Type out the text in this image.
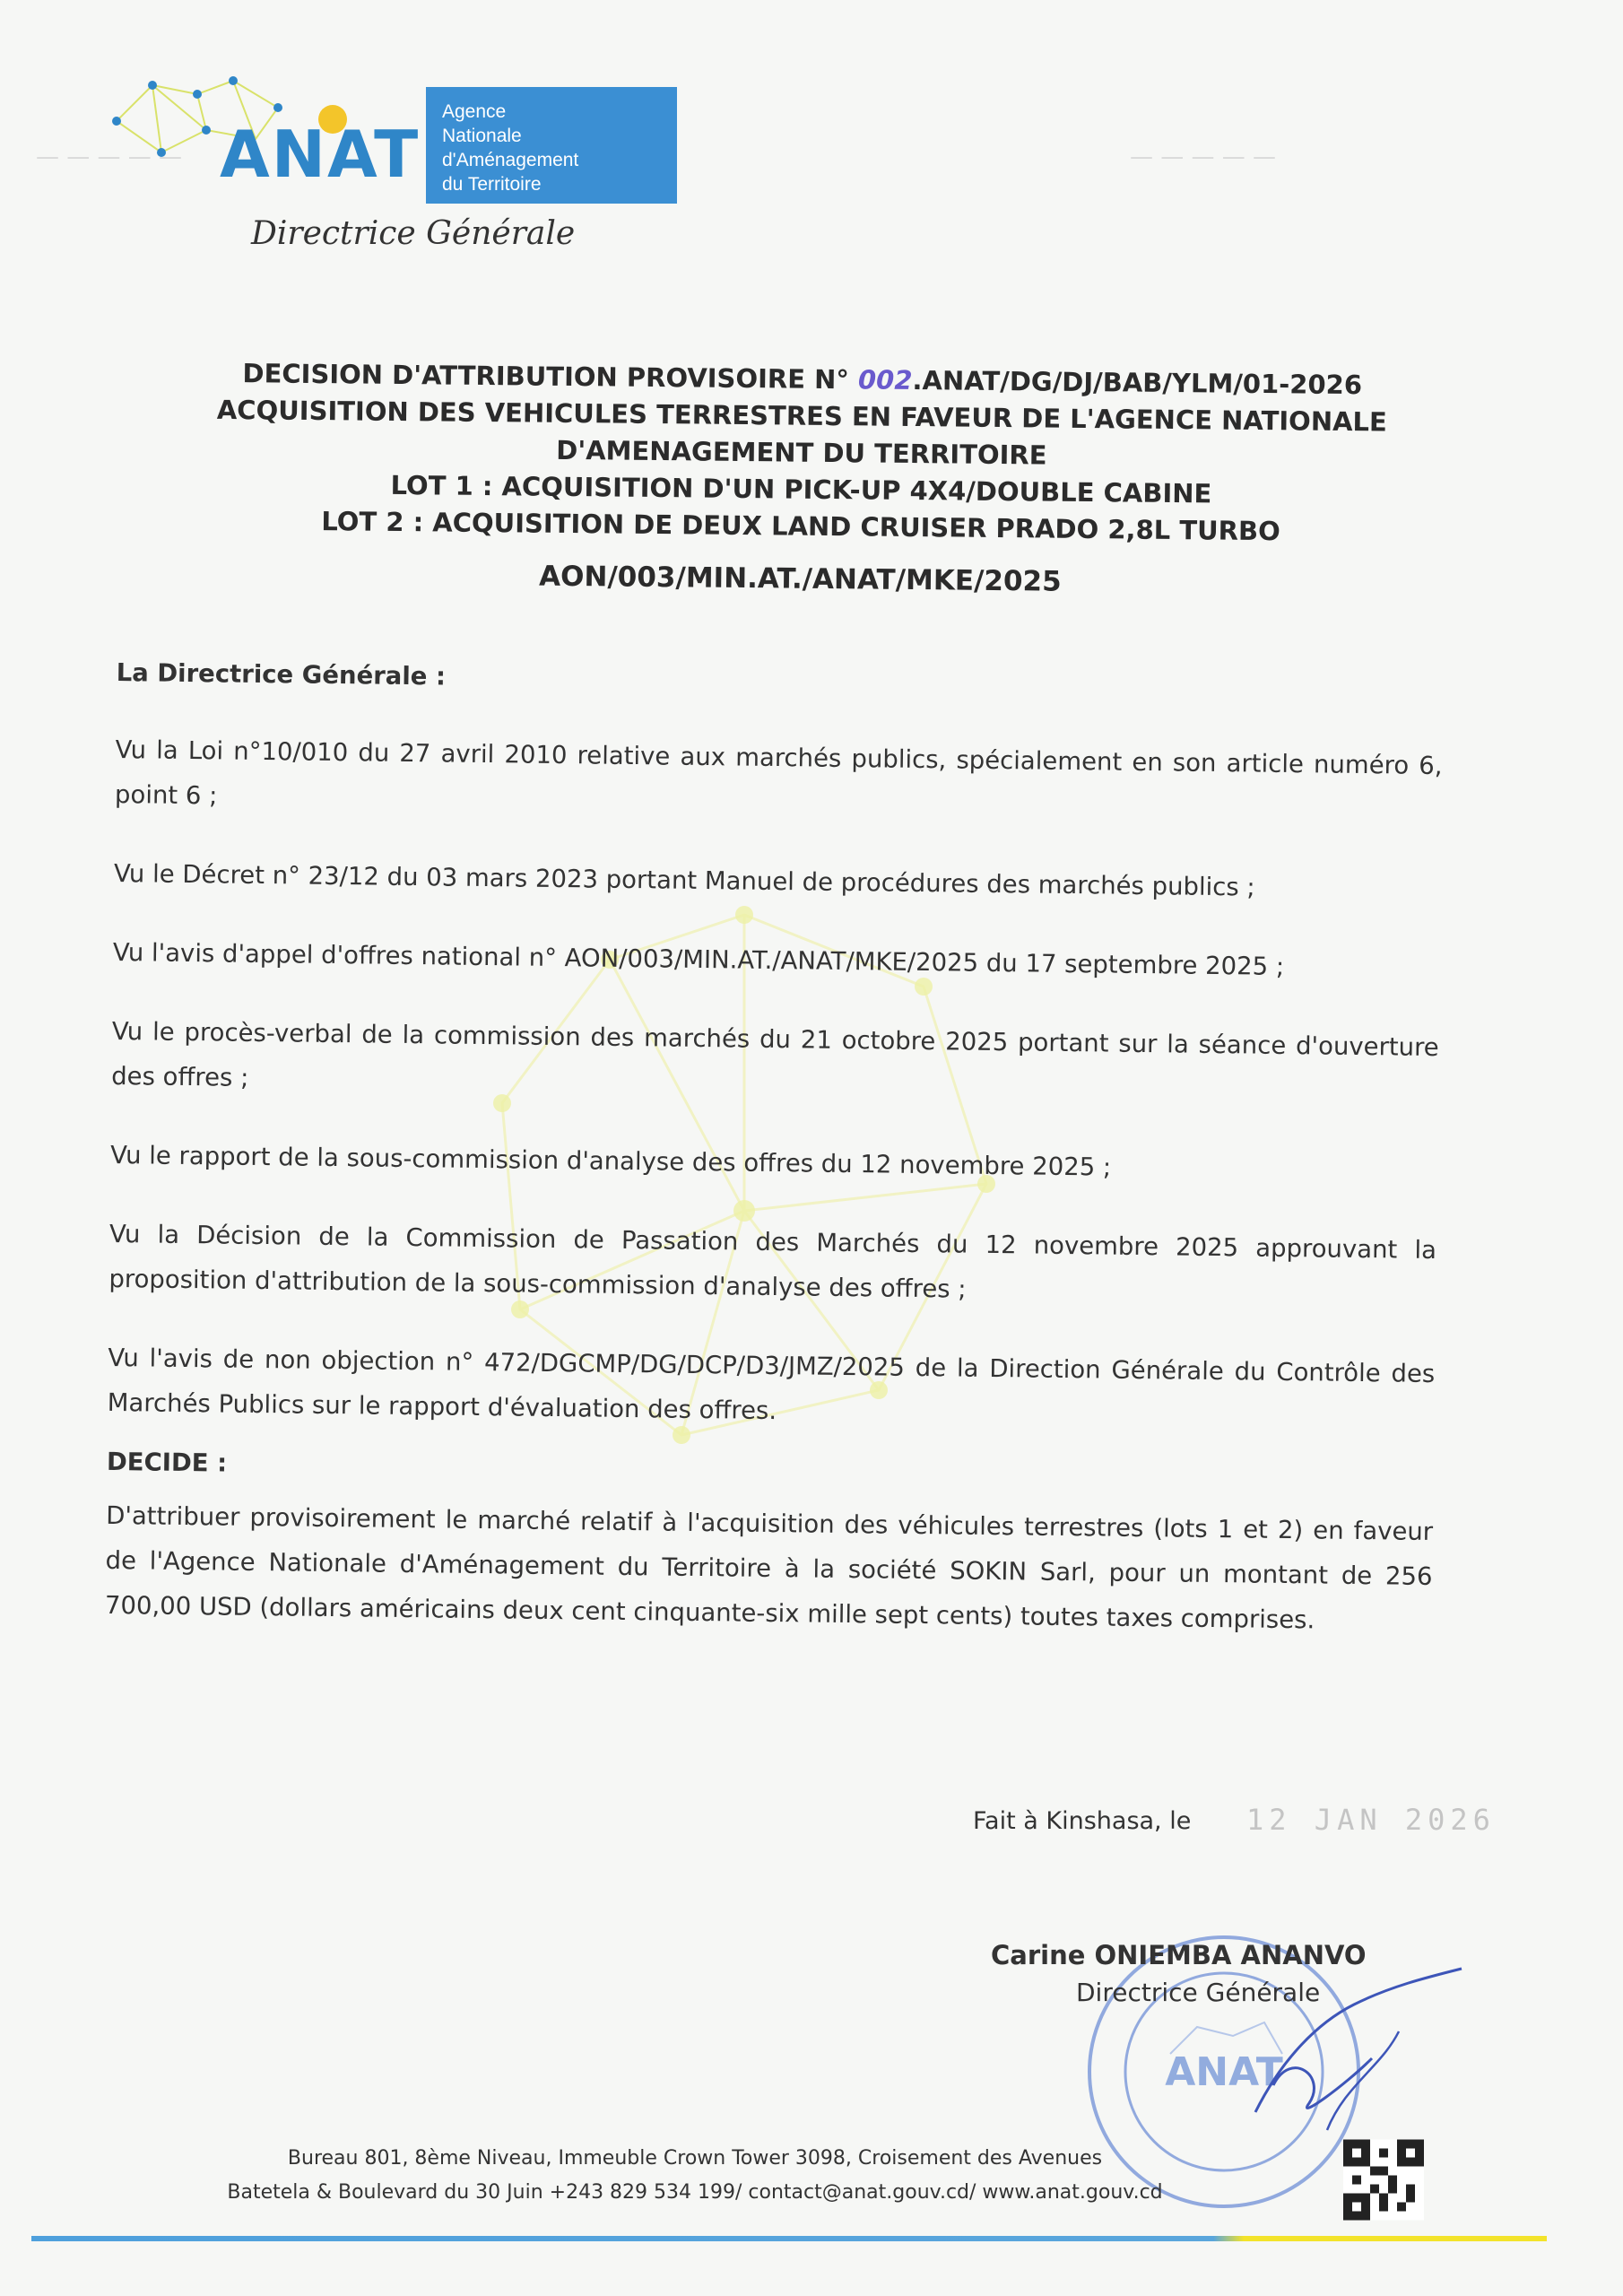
ANAT
Agence
Nationale
d'Aménagement
du Territoire
Directrice Générale
— — — — —	— — — — —
DECISION D'ATTRIBUTION PROVISOIRE N° 002.ANAT/DG/DJ/BAB/YLM/01-2026
ACQUISITION DES VEHICULES TERRESTRES EN FAVEUR DE L'AGENCE NATIONALE
D'AMENAGEMENT DU TERRITOIRE
LOT 1 : ACQUISITION D'UN PICK-UP 4X4/DOUBLE CABINE
LOT 2 : ACQUISITION DE DEUX LAND CRUISER PRADO 2,8L TURBO
AON/003/MIN.AT./ANAT/MKE/2025

La Directrice Générale :

Vu la Loi n°10/010 du 27 avril 2010 relative aux marchés publics, spécialement en son article numéro 6, point 6 ;

Vu le Décret n° 23/12 du 03 mars 2023 portant Manuel de procédures des marchés publics ;

Vu l'avis d'appel d'offres national n° AON/003/MIN.AT./ANAT/MKE/2025 du 17 septembre 2025 ;

Vu le procès-verbal de la commission des marchés du 21 octobre 2025 portant sur la séance d'ouverture des offres ;

Vu le rapport de la sous-commission d'analyse des offres du 12 novembre 2025 ;

Vu la Décision de la Commission de Passation des Marchés du 12 novembre 2025 approuvant la proposition d'attribution de la sous-commission d'analyse des offres ;

Vu l'avis de non objection n° 472/DGCMP/DG/DCP/D3/JMZ/2025 de la Direction Générale du Contrôle des Marchés Publics sur le rapport d'évaluation des offres.

DECIDE :

D'attribuer provisoirement le marché relatif à l'acquisition des véhicules terrestres (lots 1 et 2) en faveur de l'Agence Nationale d'Aménagement du Territoire à la société SOKIN Sarl, pour un montant de 256 700,00 USD (dollars américains deux cent cinquante-six mille sept cents) toutes taxes comprises.

Fait à Kinshasa, le 12 JAN 2026
ANAT
Carine ONIEMBA ANANVO
Directrice Générale
Bureau 801, 8ème Niveau, Immeuble Crown Tower 3098, Croisement des Avenues
Batetela & Boulevard du 30 Juin +243 829 534 199/ contact@anat.gouv.cd/ www.anat.gouv.cd
